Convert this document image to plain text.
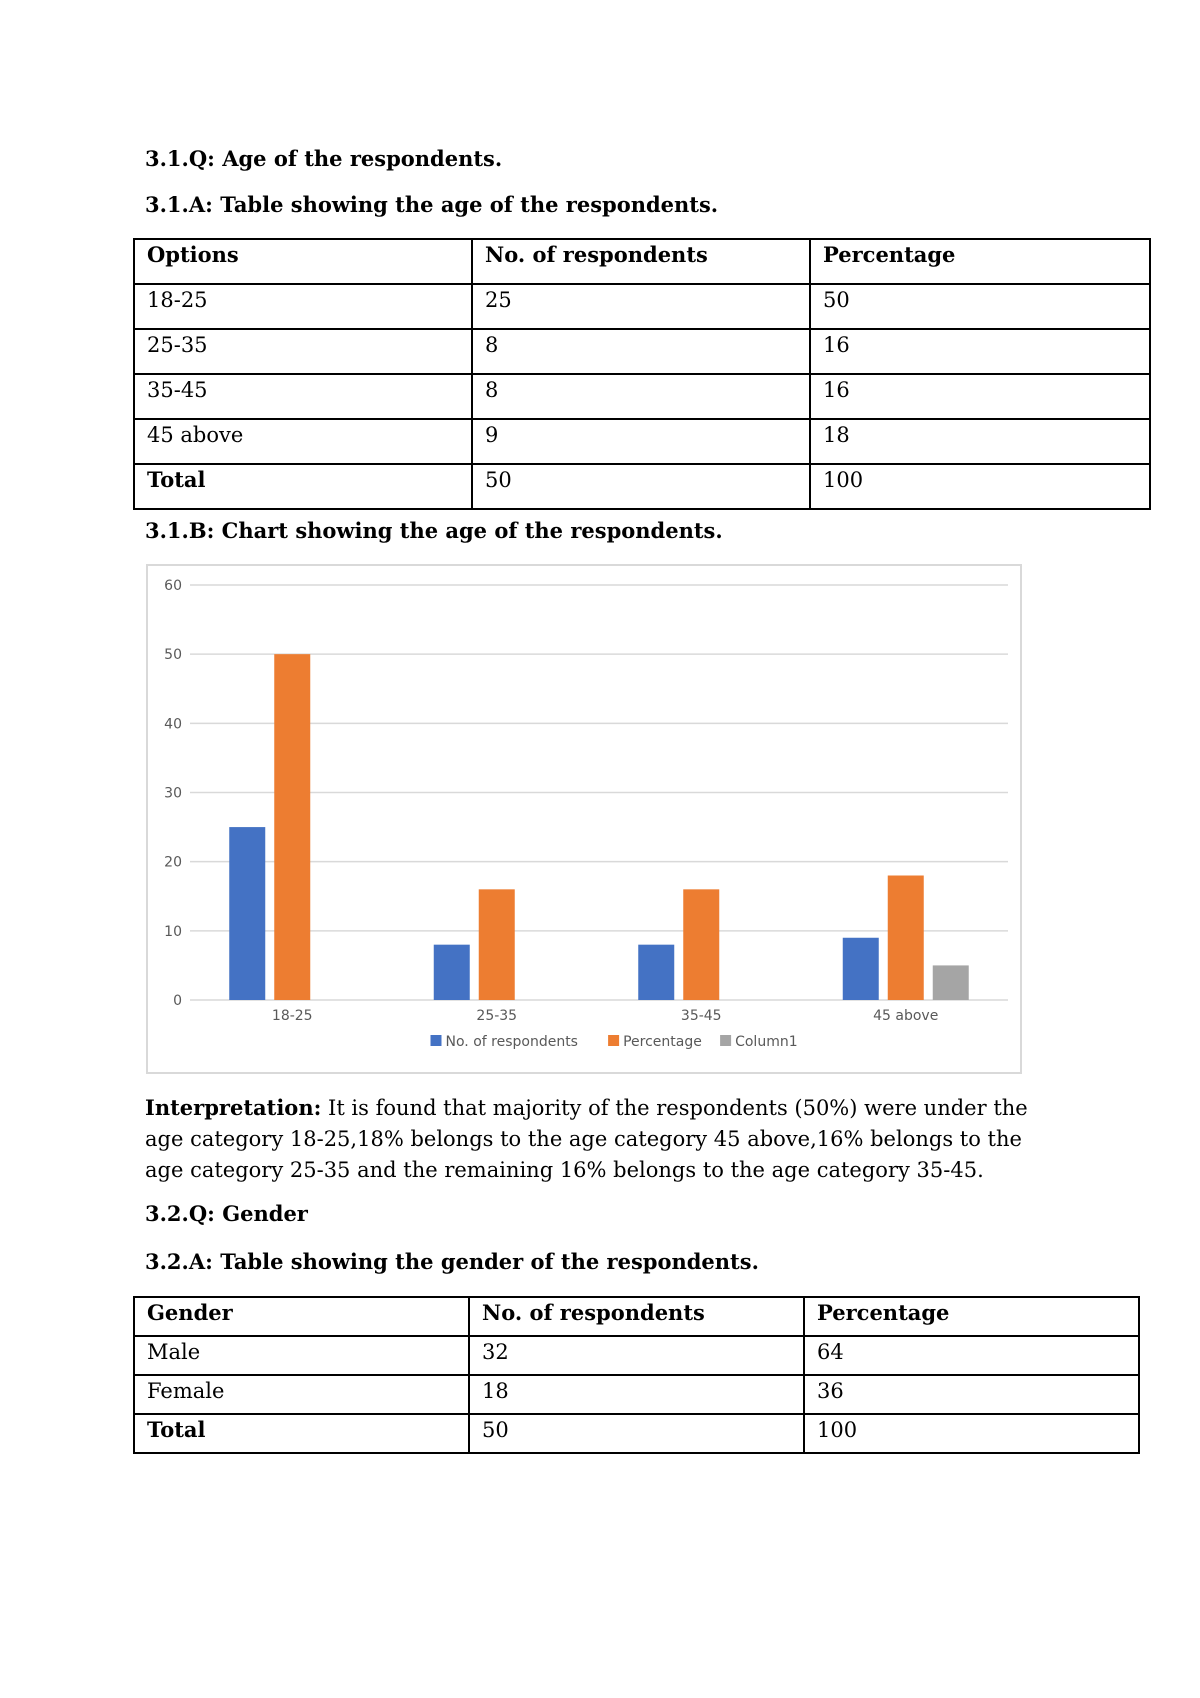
3.1.Q: Age of the respondents.

3.1.A: Table showing the age of the respondents.

Options	No. of respondents	Percentage
18-25	25	50
25-35	8	16
35-45	8	16
45 above	9	18
Total	50	100

3.1.B: Chart showing the age of the respondents.

0
10
20
30
40
50
60
18-25	25-35	35-45	45 above
No. of respondents	Percentage Column1

Interpretation: It is found that majority of the respondents (50%) were under the age category 18-25,18% belongs to the age category 45 above,16% belongs to the age category 25-35 and the remaining 16% belongs to the age category 35-45.

3.2.Q: Gender

3.2.A: Table showing the gender of the respondents.

Gender	No. of respondents	Percentage
Male	32	64
Female	18	36
Total	50	100
